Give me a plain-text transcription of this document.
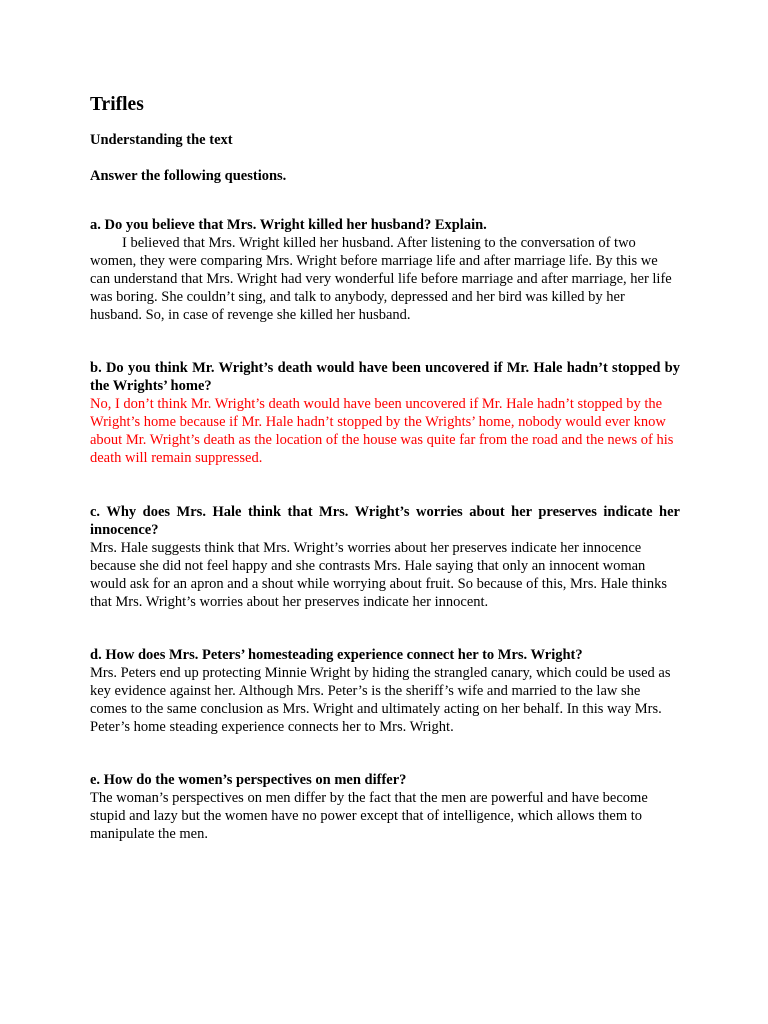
Trifles

Understanding the text

Answer the following questions.

a. Do you believe that Mrs. Wright killed her husband? Explain.

I believed that Mrs. Wright killed her husband. After listening to the conversation of two women, they were comparing Mrs. Wright before marriage life and after marriage life. By this we can understand that Mrs. Wright had very wonderful life before marriage and after marriage, her life was boring. She couldn’t sing, and talk to anybody, depressed and her bird was killed by her husband. So, in case of revenge she killed her husband.

b. Do you think Mr. Wright’s death would have been uncovered if Mr. Hale hadn’t stopped by the Wrights’ home?

No, I don’t think Mr. Wright’s death would have been uncovered if Mr. Hale hadn’t stopped by the Wright’s home because if Mr. Hale hadn’t stopped by the Wrights’ home, nobody would ever know about Mr. Wright’s death as the location of the house was quite far from the road and the news of his death will remain suppressed.

c. Why does Mrs. Hale think that Mrs. Wright’s worries about her preserves indicate her innocence?

Mrs. Hale suggests think that Mrs. Wright’s worries about her preserves indicate her innocence because she did not feel happy and she contrasts Mrs. Hale saying that only an innocent woman would ask for an apron and a shout while worrying about fruit. So because of this, Mrs. Hale thinks that Mrs. Wright’s worries about her preserves indicate her innocent.

d. How does Mrs. Peters’ homesteading experience connect her to Mrs. Wright?

Mrs. Peters end up protecting Minnie Wright by hiding the strangled canary, which could be used as key evidence against her. Although Mrs. Peter’s is the sheriff’s wife and married to the law she comes to the same conclusion as Mrs. Wright and ultimately acting on her behalf. In this way Mrs. Peter’s home steading experience connects her to Mrs. Wright.

e. How do the women’s perspectives on men differ?

The woman’s perspectives on men differ by the fact that the men are powerful and have become stupid and lazy but the women have no power except that of intelligence, which allows them to manipulate the men.
